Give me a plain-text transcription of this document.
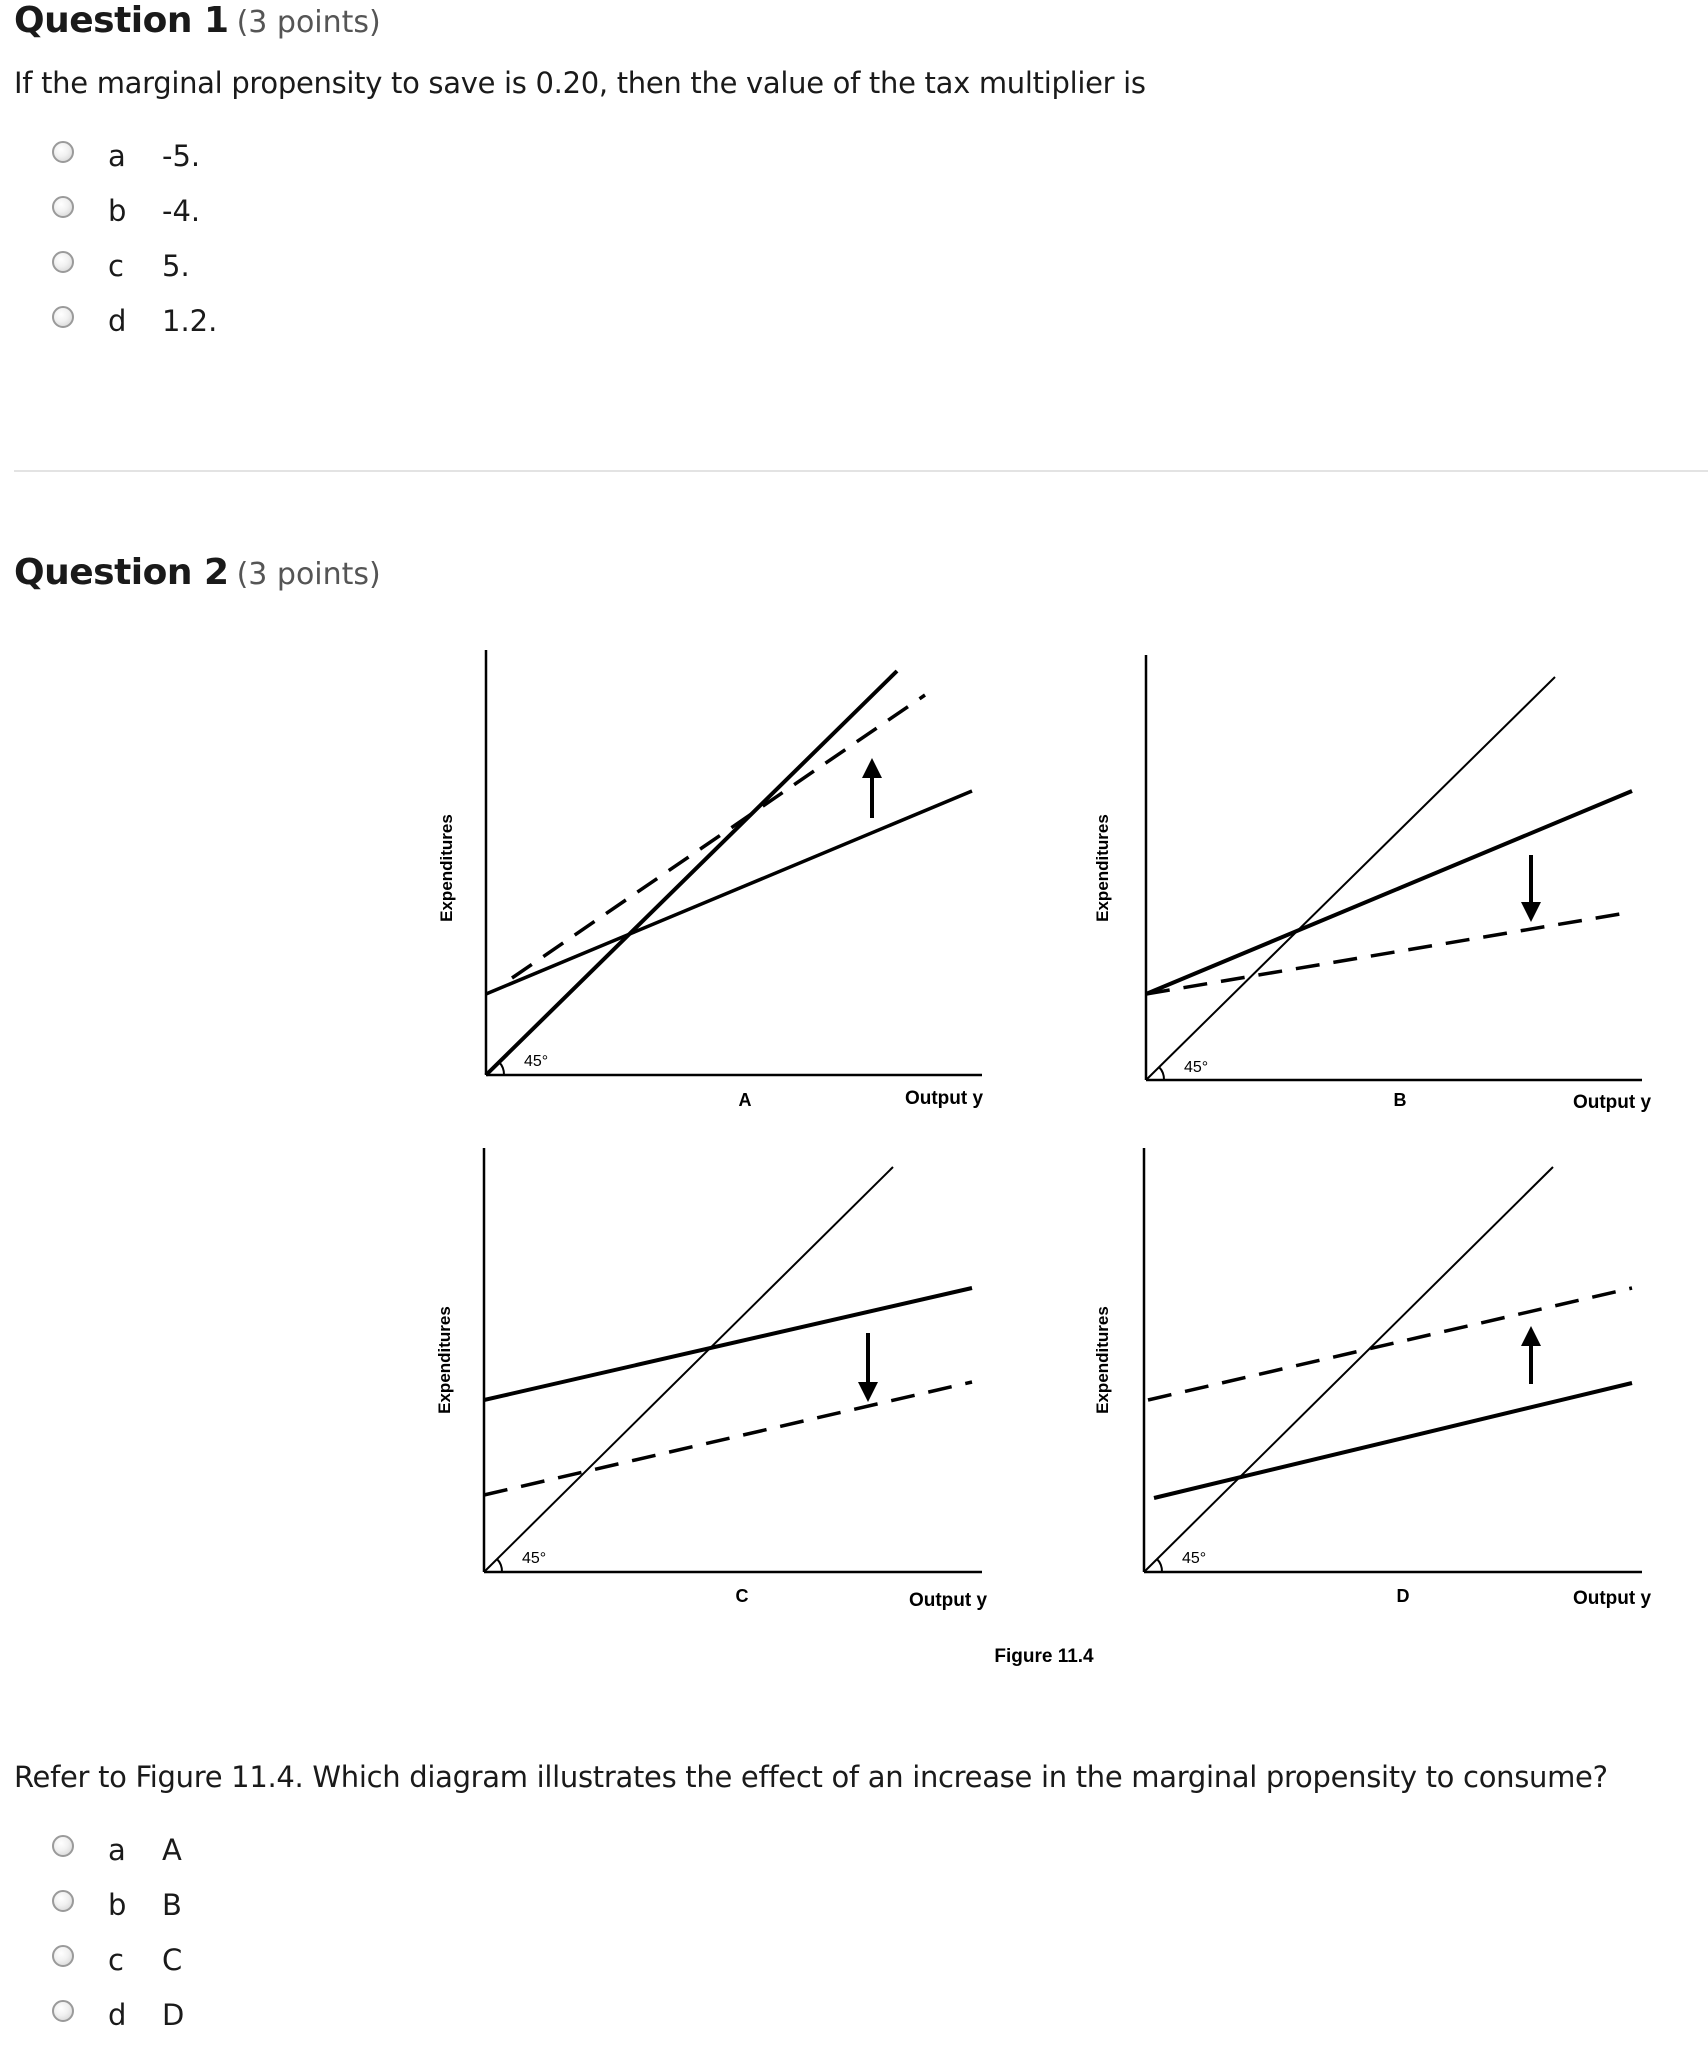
Question 1 (3 points)
If the marginal propensity to save is 0.20, then the value of the tax multiplier is
a	-5.
b	-4.
c	5.
d	1.2.
Question 2 (3 points)
45°
Expenditures
A	Output y
45°
Expenditures
B	Output y
45°
Expenditures
C	Output y
45°
Expenditures
D	Output y
Figure 11.4
Refer to Figure 11.4. Which diagram illustrates the effect of an increase in the marginal propensity to consume?
a	A
b	B
c	C
d	D
